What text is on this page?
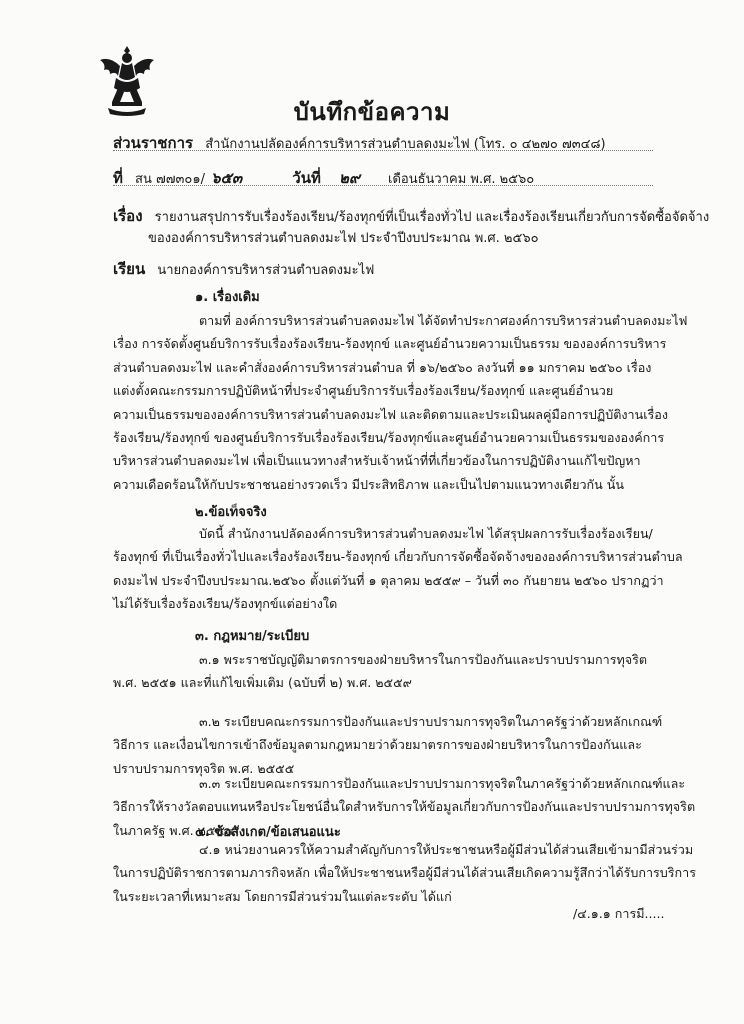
บันทึกข้อความ
ส่วนราชการ สำนักงานปลัดองค์การบริหารส่วนตำบลดงมะไฟ (โทร. ๐ ๔๒๗๐ ๗๓๔๘)
ที่ สน ๗๗๓๐๑/ ๖๕๓	วันที่ ๒๙ เดือนธันวาคม พ.ศ. ๒๕๖๐
เรื่อง รายงานสรุปการรับเรื่องร้องเรียน/ร้องทุกข์ที่เป็นเรื่องทั่วไป และเรื่องร้องเรียนเกี่ยวกับการจัดซื้อจัดจ้าง
ขององค์การบริหารส่วนตำบลดงมะไฟ ประจำปีงบประมาณ พ.ศ. ๒๕๖๐
เรียน นายกองค์การบริหารส่วนตำบลดงมะไฟ
๑. เรื่องเดิม

ตามที่ องค์การบริหารส่วนตำบลดงมะไฟ ได้จัดทำประกาศองค์การบริหารส่วนตำบลดงมะไฟ

เรื่อง การจัดตั้งศูนย์บริการรับเรื่องร้องเรียน-ร้องทุกข์ และศูนย์อำนวยความเป็นธรรม ขององค์การบริหาร

ส่วนตำบลดงมะไฟ และคำสั่งองค์การบริหารส่วนตำบล ที่ ๑๖/๒๕๖๐ ลงวันที่ ๑๑ มกราคม ๒๕๖๐ เรื่อง

แต่งตั้งคณะกรรมการปฏิบัติหน้าที่ประจำศูนย์บริการรับเรื่องร้องเรียน/ร้องทุกข์ และศูนย์อำนวย

ความเป็นธรรมขององค์การบริหารส่วนตำบลดงมะไฟ และติดตามและประเมินผลคู่มือการปฏิบัติงานเรื่อง

ร้องเรียน/ร้องทุกข์ ของศูนย์บริการรับเรื่องร้องเรียน/ร้องทุกข์และศูนย์อำนวยความเป็นธรรมขององค์การ

บริหารส่วนตำบลดงมะไฟ เพื่อเป็นแนวทางสำหรับเจ้าหน้าที่ที่เกี่ยวข้องในการปฏิบัติงานแก้ไขปัญหา

ความเดือดร้อนให้กับประชาชนอย่างรวดเร็ว มีประสิทธิภาพ และเป็นไปตามแนวทางเดียวกัน นั้น

๒.ข้อเท็จจริง

บัดนี้ สำนักงานปลัดองค์การบริหารส่วนตำบลดงมะไฟ ได้สรุปผลการรับเรื่องร้องเรียน/

ร้องทุกข์ ที่เป็นเรื่องทั่วไปและเรื่องร้องเรียน-ร้องทุกข์ เกี่ยวกับการจัดซื้อจัดจ้างขององค์การบริหารส่วนตำบล

ดงมะไฟ ประจำปีงบประมาณ.๒๕๖๐ ตั้งแต่วันที่ ๑ ตุลาคม ๒๕๕๙ – วันที่ ๓๐ กันยายน ๒๕๖๐ ปรากฏว่า

ไม่ได้รับเรื่องร้องเรียน/ร้องทุกข์แต่อย่างใด

๓. กฎหมาย/ระเบียบ

๓.๑ พระราชบัญญัติมาตรการของฝ่ายบริหารในการป้องกันและปราบปรามการทุจริต

พ.ศ. ๒๕๕๑ และที่แก้ไขเพิ่มเติม (ฉบับที่ ๒) พ.ศ. ๒๕๕๙

๓.๒ ระเบียบคณะกรรมการป้องกันและปราบปรามการทุจริตในภาครัฐว่าด้วยหลักเกณฑ์

วิธีการ และเงื่อนไขการเข้าถึงข้อมูลตามกฎหมายว่าด้วยมาตรการของฝ่ายบริหารในการป้องกันและ

ปราบปรามการทุจริต พ.ศ. ๒๕๕๕

๓.๓ ระเบียบคณะกรรมการป้องกันและปราบปรามการทุจริตในภาครัฐว่าด้วยหลักเกณฑ์และ

วิธีการให้รางวัลตอบแทนหรือประโยชน์อื่นใดสำหรับการให้ข้อมูลเกี่ยวกับการป้องกันและปราบปรามการทุจริต

ในภาครัฐ พ.ศ. ๒๕๕๔

๔. ข้อสังเกต/ข้อเสนอแนะ

๔.๑ หน่วยงานควรให้ความสำคัญกับการให้ประชาชนหรือผู้มีส่วนได้ส่วนเสียเข้ามามีส่วนร่วม

ในการปฏิบัติราชการตามภารกิจหลัก เพื่อให้ประชาชนหรือผู้มีส่วนได้ส่วนเสียเกิดความรู้สึกว่าได้รับการบริการ

ในระยะเวลาที่เหมาะสม โดยการมีส่วนร่วมในแต่ละระดับ ได้แก่

/๔.๑.๑ การมี.....
